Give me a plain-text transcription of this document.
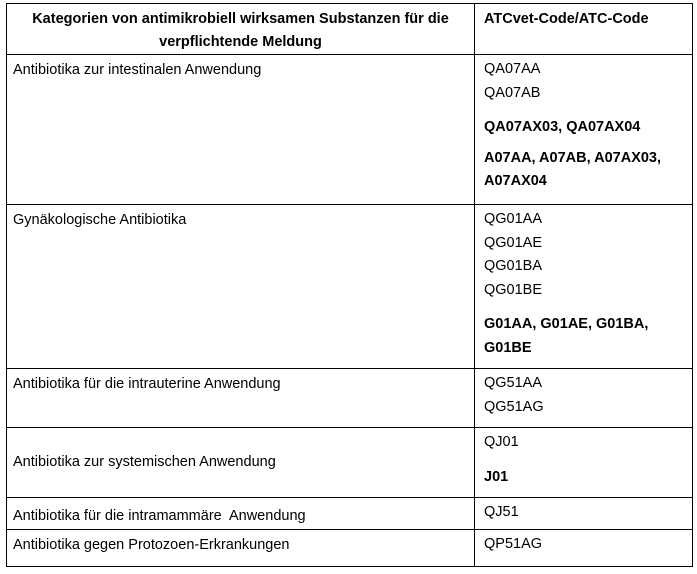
Kategorien von antimikrobiell wirksamen Substanzen für die verpflichtende Meldung	ATCvet-Code/ATC-Code
Antibiotika zur intestinalen Anwendung	QA07AA
QA07AB
QA07AX03, QA07AX04
A07AA, A07AB, A07AX03, A07AX04

Gynäkologische Antibiotika	QG01AA
QG01AE
QG01BA
QG01BE
G01AA, G01AE, G01BA, G01BE

Antibiotika für die intrauterine Anwendung	QG51AA
QG51AG

Antibiotika zur systemischen Anwendung	QJ01
J01

Antibiotika für die intramammäre  Anwendung	QJ51

Antibiotika gegen Protozoen-Erkrankungen	QP51AG
